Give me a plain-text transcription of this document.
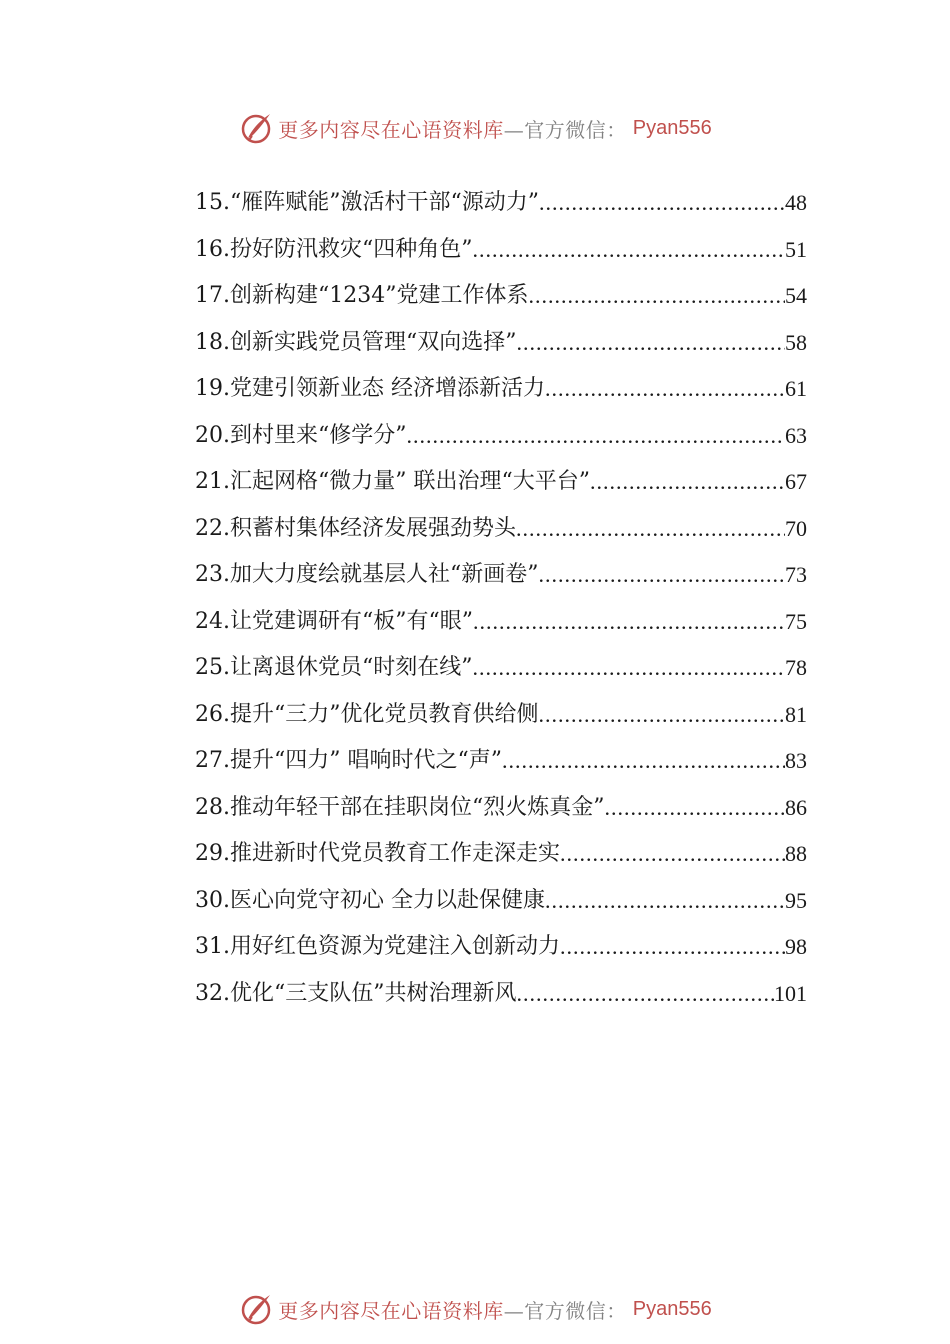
更多内容尽在心语资料库 —官方微信： Pyan556
15.“雁阵赋能”激活村干部“源动力” .....	48
16.扮好防汛救灾“四种角色” .....	51
17.创新构建“1234”党建工作体系 .....	54
18.创新实践党员管理“双向选择” .....	58
19.党建引领新业态 经济增添新活力 .....	61
20.到村里来“修学分” .....	63
21.汇起网格“微力量” 联出治理“大平台” .....	67
22.积蓄村集体经济发展强劲势头 .....	70
23.加大力度绘就基层人社“新画卷” .....	73
24.让党建调研有“板”有“眼” .....	75
25.让离退休党员“时刻在线” .....	78
26.提升“三力”优化党员教育供给侧 .....	81
27.提升“四力” 唱响时代之“声” .....	83
28.推动年轻干部在挂职岗位“烈火炼真金” .....	86
29.推进新时代党员教育工作走深走实 .....	88
30.医心向党守初心 全力以赴保健康 .....	95
31.用好红色资源为党建注入创新动力 .....	98
32.优化“三支队伍”共树治理新风 .....	101
更多内容尽在心语资料库 —官方微信： Pyan556
